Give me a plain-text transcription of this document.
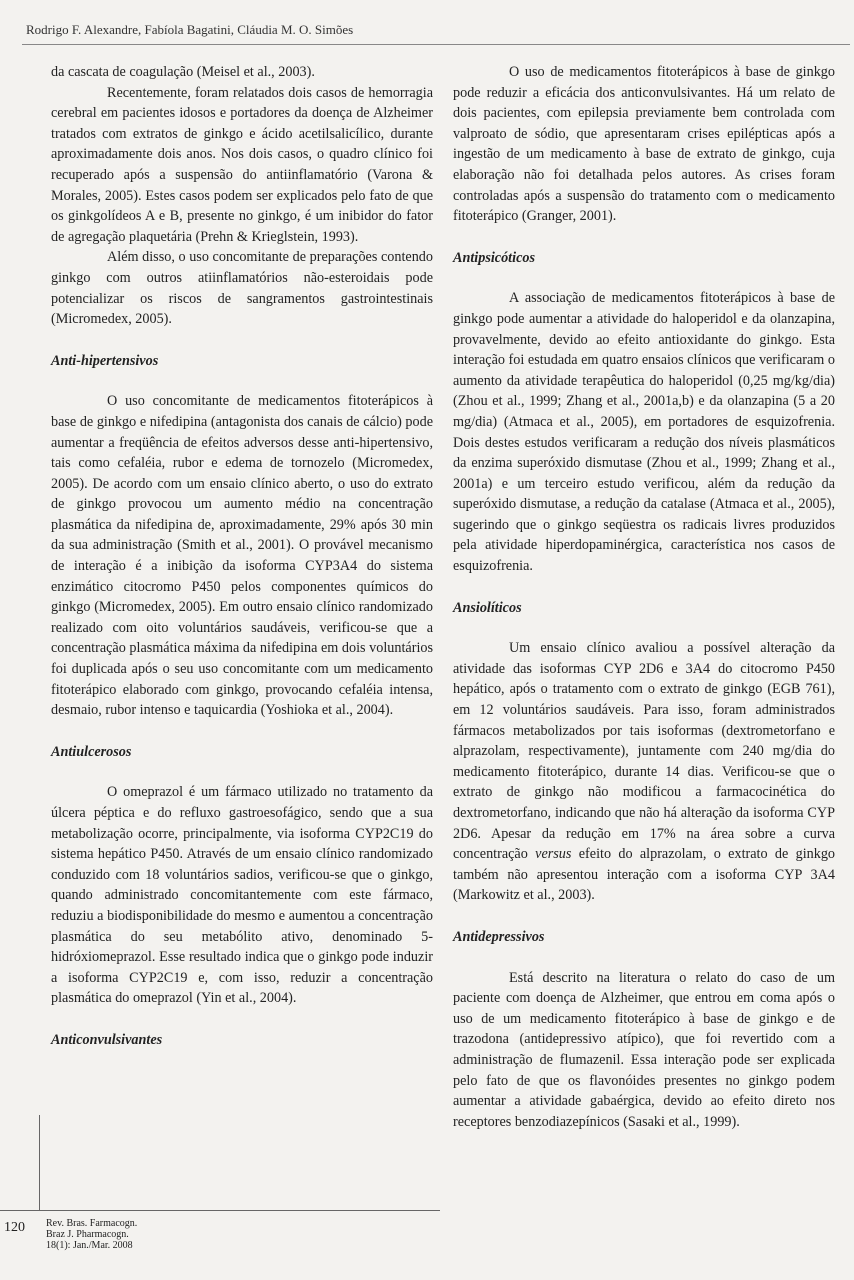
Rodrigo F. Alexandre, Fabíola Bagatini, Cláudia M. O. Simões

da cascata de coagulação (Meisel et al., 2003).

Recentemente, foram relatados dois casos de hemorragia cerebral em pacientes idosos e portadores da doença de Alzheimer tratados com extratos de ginkgo e ácido acetilsalicílico, durante aproximadamente dois anos. Nos dois casos, o quadro clínico foi recuperado após a suspensão do antiinflamatório (Varona & Morales, 2005). Estes casos podem ser explicados pelo fato de que os ginkgolídeos A e B, presente no ginkgo, é um inibidor do fator de agregação plaquetária (Prehn & Krieglstein, 1993).

Além disso, o uso concomitante de preparações contendo ginkgo com outros atiinflamatórios não-esteroidais pode potencializar os riscos de sangramentos gastrointestinais (Micromedex, 2005).

Anti-hipertensivos

O uso concomitante de medicamentos fitoterápicos à base de ginkgo e nifedipina (antagonista dos canais de cálcio) pode aumentar a freqüência de efeitos adversos desse anti-hipertensivo, tais como cefaléia, rubor e edema de tornozelo (Micromedex, 2005). De acordo com um ensaio clínico aberto, o uso do extrato de ginkgo provocou um aumento médio na concentração plasmática da nifedipina de, aproximadamente, 29% após 30 min da sua administração (Smith et al., 2001). O provável mecanismo de interação é a inibição da isoforma CYP3A4 do sistema enzimático citocromo P450 pelos componentes químicos do ginkgo (Micromedex, 2005). Em outro ensaio clínico randomizado realizado com oito voluntários saudáveis, verificou-se que a concentração plasmática máxima da nifedipina em dois voluntários foi duplicada após o seu uso concomitante com um medicamento fitoterápico elaborado com ginkgo, provocando cefaléia intensa, desmaio, rubor intenso e taquicardia (Yoshioka et al., 2004).

Antiulcerosos

O omeprazol é um fármaco utilizado no tratamento da úlcera péptica e do refluxo gastroesofágico, sendo que a sua metabolização ocorre, principalmente, via isoforma CYP2C19 do sistema hepático P450. Através de um ensaio clínico randomizado conduzido com 18 voluntários sadios, verificou-se que o ginkgo, quando administrado concomitantemente com este fármaco, reduziu a biodisponibilidade do mesmo e aumentou a concentração plasmática do seu metabólito ativo, denominado 5-hidróxiomeprazol. Esse resultado indica que o ginkgo pode induzir a isoforma CYP2C19 e, com isso, reduzir a concentração plasmática do omeprazol (Yin et al., 2004).

Anticonvulsivantes

O uso de medicamentos fitoterápicos à base de ginkgo pode reduzir a eficácia dos anticonvulsivantes. Há um relato de dois pacientes, com epilepsia previamente bem controlada com valproato de sódio, que apresentaram crises epilépticas após a ingestão de um medicamento à base de extrato de ginkgo, cuja elaboração não foi detalhada pelos autores. As crises foram controladas após a suspensão do tratamento com o medicamento fitoterápico (Granger, 2001).

Antipsicóticos

A associação de medicamentos fitoterápicos à base de ginkgo pode aumentar a atividade do haloperidol e da olanzapina, provavelmente, devido ao efeito antioxidante do ginkgo. Esta interação foi estudada em quatro ensaios clínicos que verificaram o aumento da atividade terapêutica do haloperidol (0,25 mg/kg/dia) (Zhou et al., 1999; Zhang et al., 2001a,b) e da olanzapina (5 a 20 mg/dia) (Atmaca et al., 2005), em portadores de esquizofrenia. Dois destes estudos verificaram a redução dos níveis plasmáticos da enzima superóxido dismutase (Zhou et al., 1999; Zhang et al., 2001a) e um terceiro estudo verificou, além da redução da superóxido dismutase, a redução da catalase (Atmaca et al., 2005), sugerindo que o ginkgo seqüestra os radicais livres produzidos pela atividade hiperdopaminérgica, característica nos casos de esquizofrenia.

Ansiolíticos

Um ensaio clínico avaliou a possível alteração da atividade das isoformas CYP 2D6 e 3A4 do citocromo P450 hepático, após o tratamento com o extrato de ginkgo (EGB 761), em 12 voluntários saudáveis. Para isso, foram administrados fármacos metabolizados por tais isoformas (dextrometorfano e alprazolam, respectivamente), juntamente com 240 mg/dia do medicamento fitoterápico, durante 14 dias. Verificou-se que o extrato de ginkgo não modificou a farmacocinética do dextrometorfano, indicando que não há alteração da isoforma CYP 2D6. Apesar da redução em 17% na área sobre a curva concentração versus efeito do alprazolam, o extrato de ginkgo também não apresentou interação com a isoforma CYP 3A4 (Markowitz et al., 2003).

Antidepressivos

Está descrito na literatura o relato do caso de um paciente com doença de Alzheimer, que entrou em coma após o uso de um medicamento fitoterápico à base de ginkgo e de trazodona (antidepressivo atípico), que foi revertido com a administração de flumazenil. Essa interação pode ser explicada pelo fato de que os flavonóides presentes no ginkgo podem aumentar a atividade gabaérgica, devido ao efeito direto nos receptores benzodiazepínicos (Sasaki et al., 1999).

120 Rev. Bras. Farmacogn.
Braz J. Pharmacogn.
18(1): Jan./Mar. 2008
